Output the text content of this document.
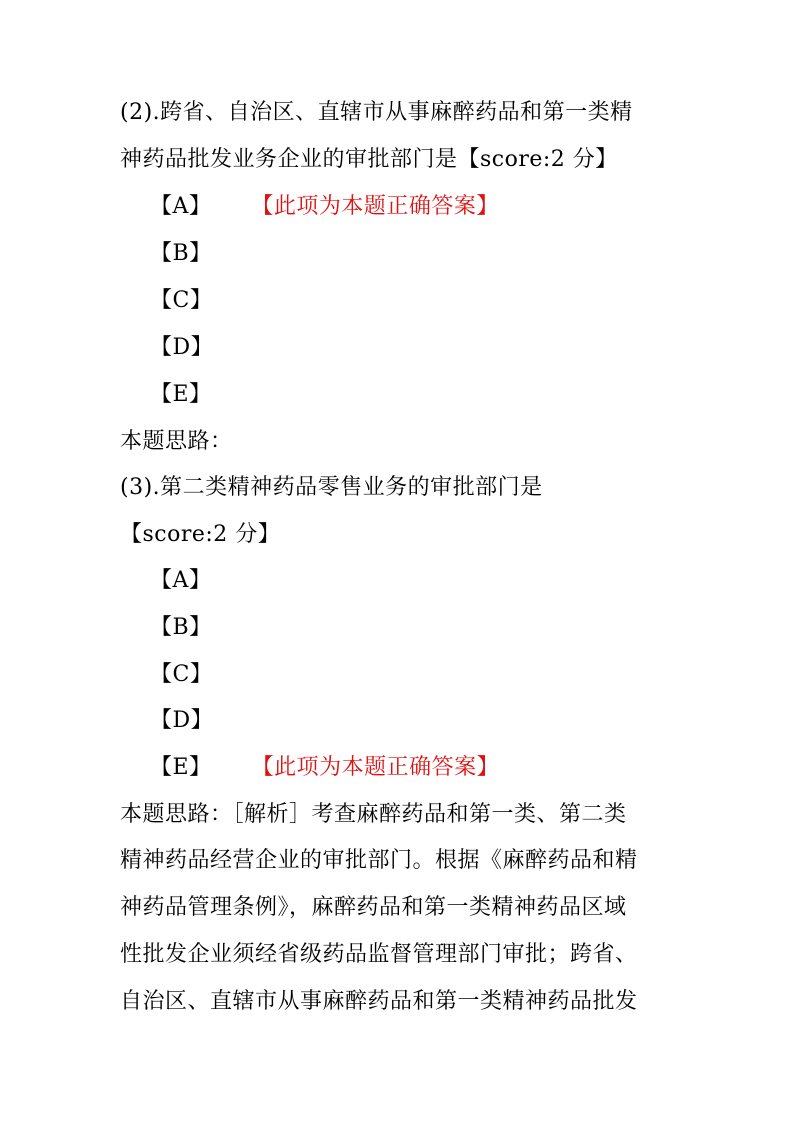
(2).跨省、自治区、直辖市从事麻醉药品和第一类精
神药品批发业务企业的审批部门是【score:2 分】
【A】 【此项为本题正确答案】
【B】
【C】
【D】
【E】
本题思路：
(3).第二类精神药品零售业务的审批部门是
【score:2 分】
【A】
【B】
【C】
【D】
【E】 【此项为本题正确答案】
本题思路：［解析］考查麻醉药品和第一类、第二类
精神药品经营企业的审批部门。根据《麻醉药品和精
神药品管理条例》，麻醉药品和第一类精神药品区域
性批发企业须经省级药品监督管理部门审批；跨省、
自治区、直辖市从事麻醉药品和第一类精神药品批发
